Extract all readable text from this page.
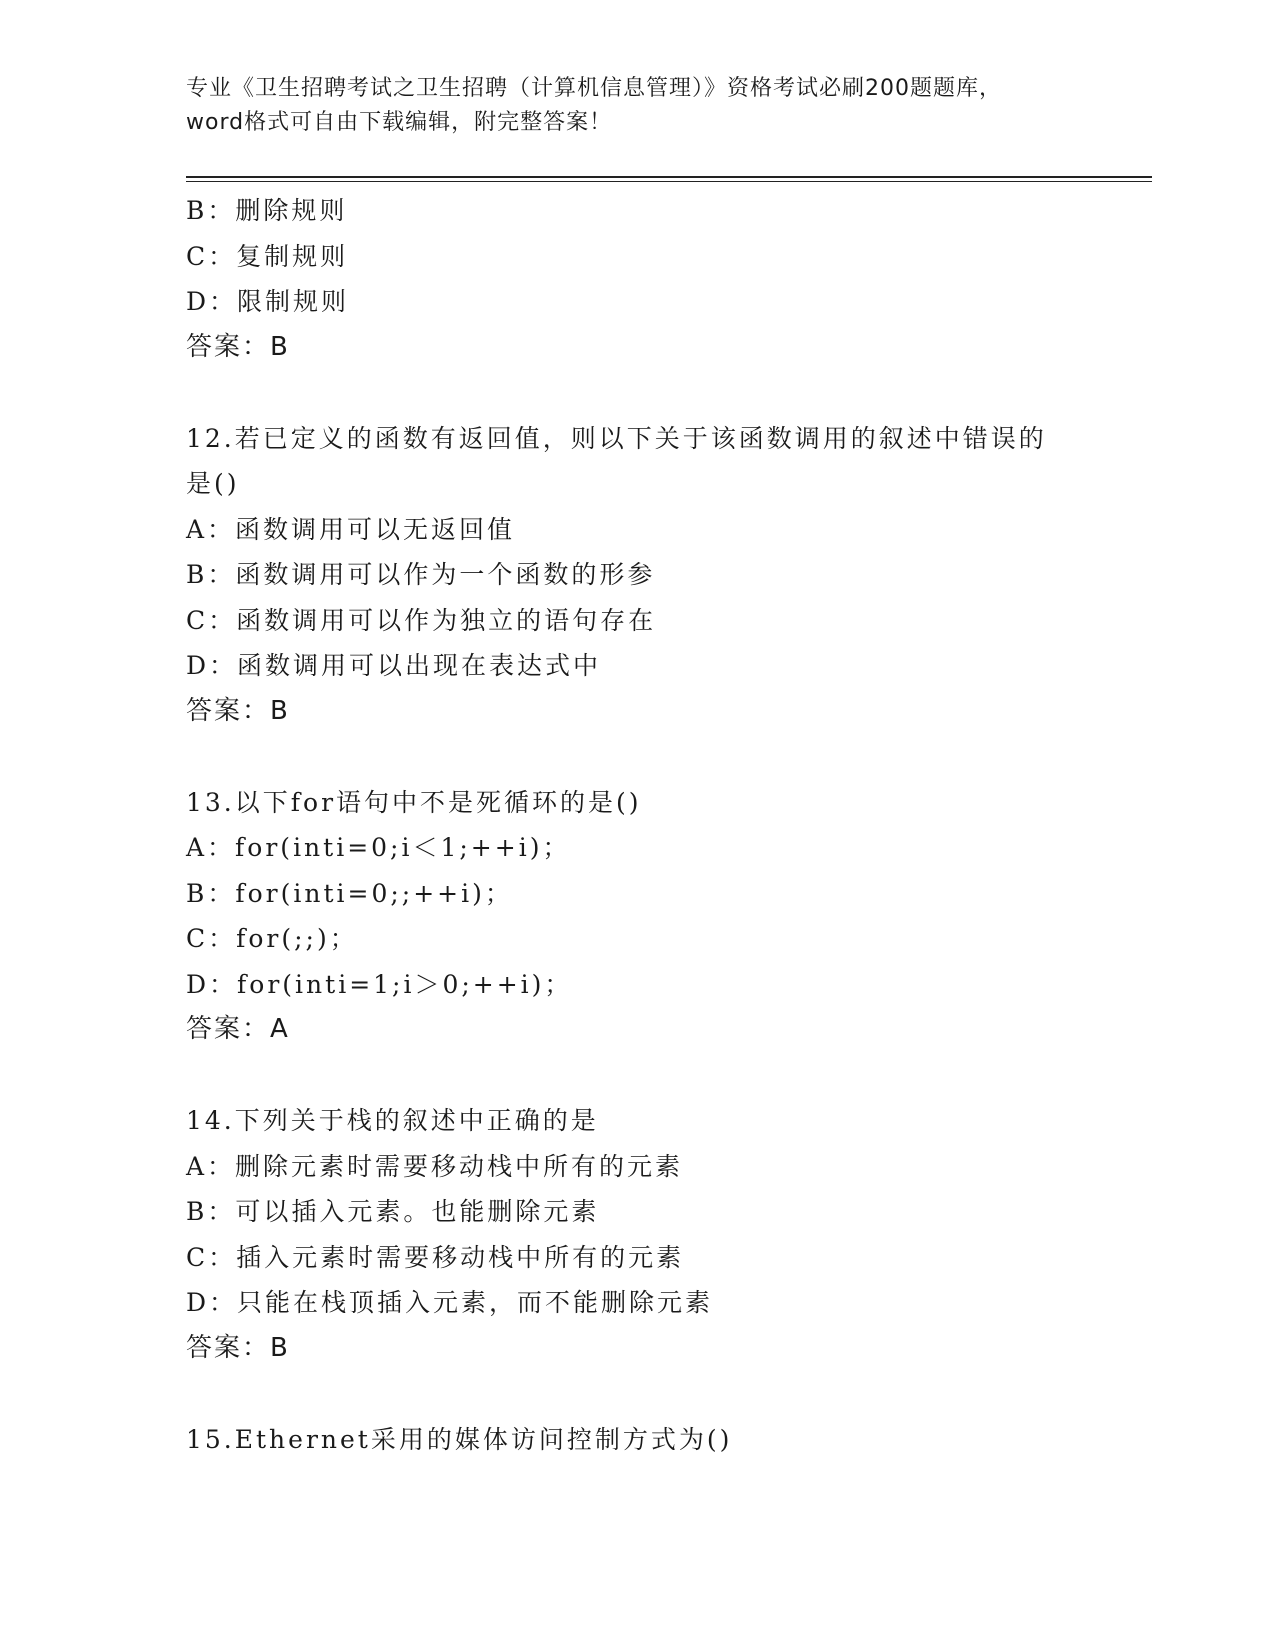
专业《卫生招聘考试之卫生招聘（计算机信息管理）》资格考试必刷200题题库，
word格式可自由下载编辑，附完整答案！
B：删除规则
C：复制规则
D：限制规则
答案：B
12.若已定义的函数有返回值，则以下关于该函数调用的叙述中错误的
是()
A：函数调用可以无返回值
B：函数调用可以作为一个函数的形参
C：函数调用可以作为独立的语句存在
D：函数调用可以出现在表达式中
答案：B
13.以下for语句中不是死循环的是()
A：for(inti=0;i＜1;++i)；
B：for(inti=0;;++i)；
C：for(;;)；
D：for(inti=1;i＞0;++i)；
答案：A
14.下列关于栈的叙述中正确的是
A：删除元素时需要移动栈中所有的元素
B：可以插入元素。也能删除元素
C：插入元素时需要移动栈中所有的元素
D：只能在栈顶插入元素，而不能删除元素
答案：B
15.Ethernet采用的媒体访问控制方式为()
